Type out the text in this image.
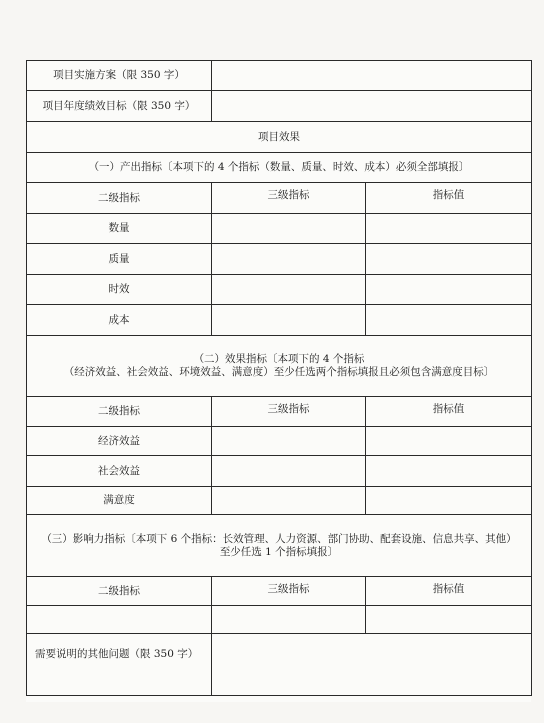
项目实施方案（限 350 字）		
项目年度绩效目标（限 350 字）		
项目效果		
（一）产出指标〔本项下的 4 个指标（数量、质量、时效、成本）必须全部填报〕		
二级指标	三级指标	指标值
数量		
质量		
时效		
成本		

（二）效果指标〔本项下的 4 个指标
（经济效益、社会效益、环境效益、满意度）至少任选两个指标填报且必须包含满意度目标〕		

二级指标	三级指标	指标值
经济效益		
社会效益		
满意度		

（三）影响力指标〔本项下 6 个指标：长效管理、人力资源、部门协助、配套设施、信息共享、其他）
至少任选 1 个指标填报〕		

二级指标	三级指标	指标值

需要说明的其他问题（限 350 字）		
